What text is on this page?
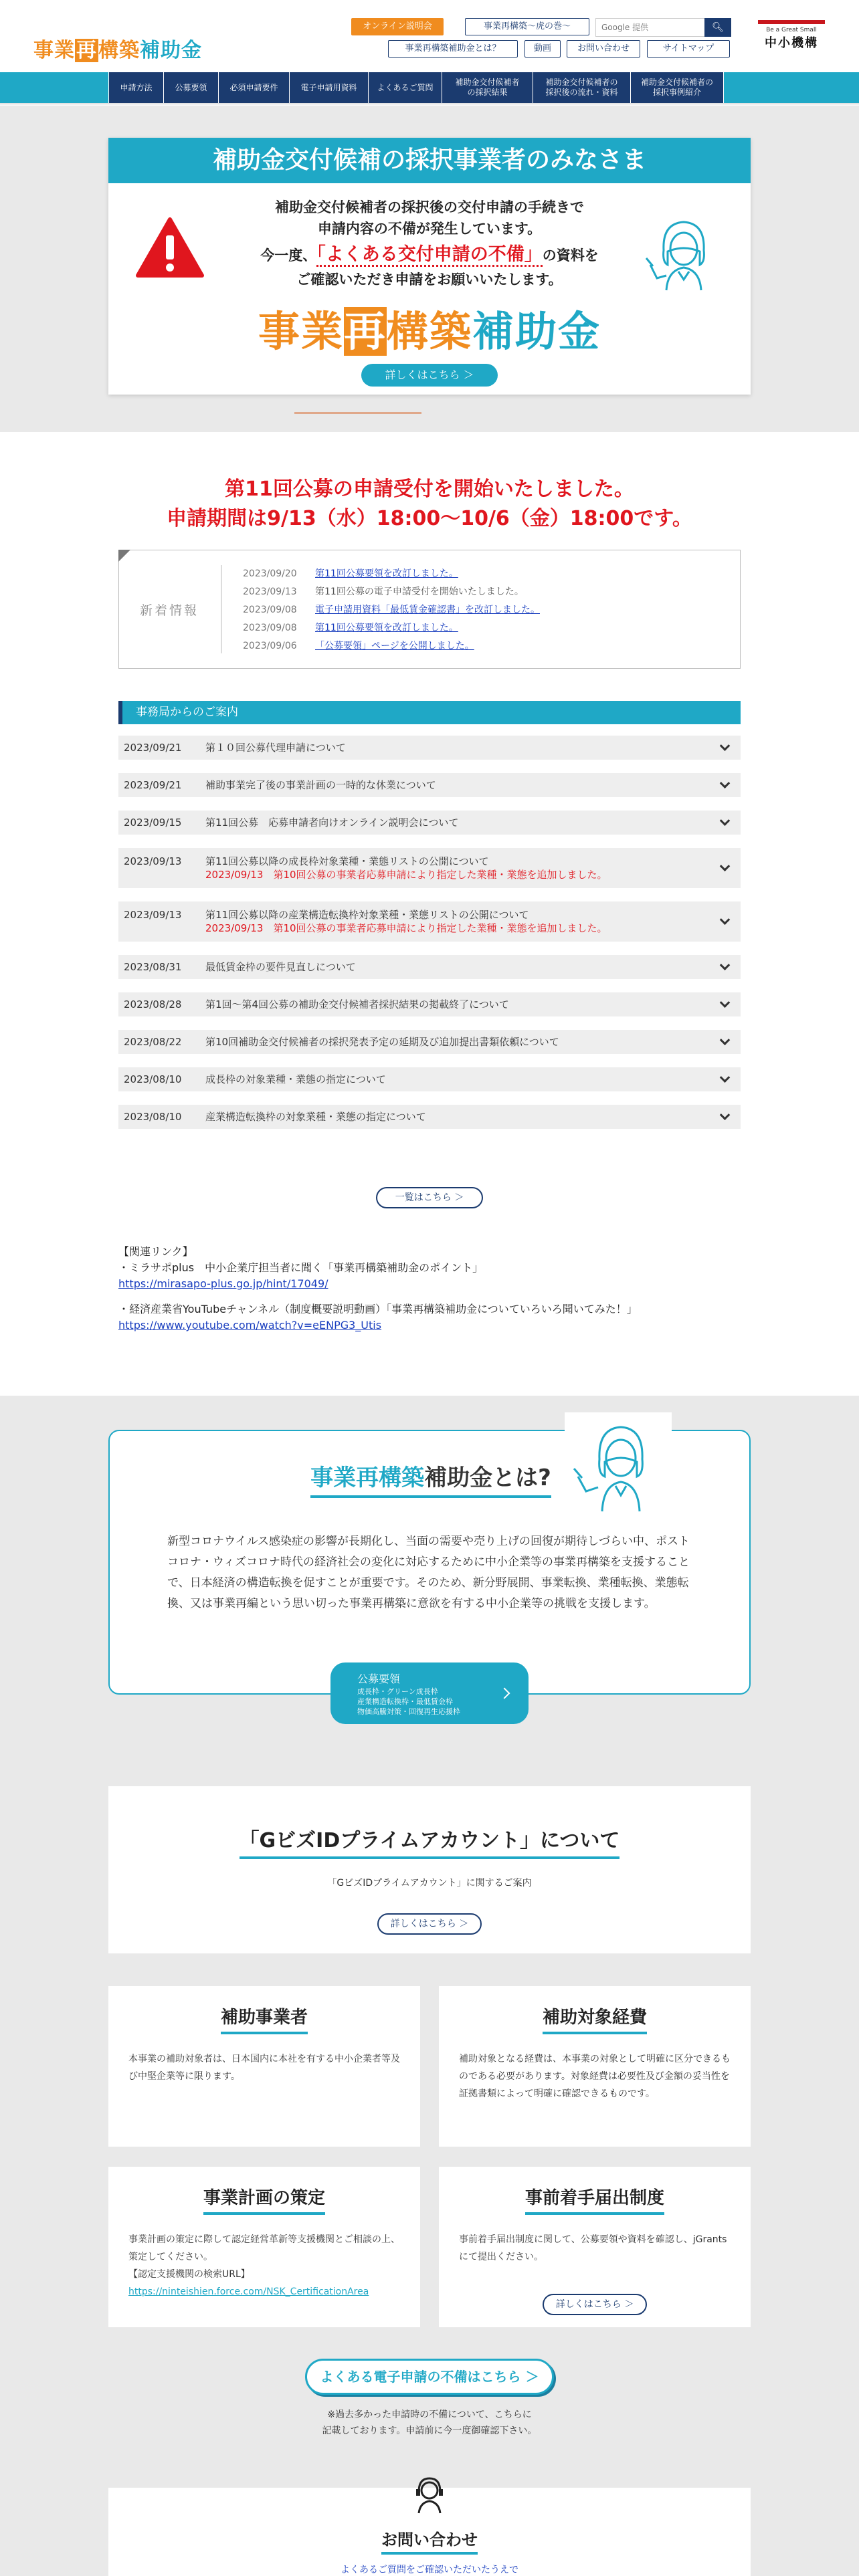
事業再構築補助金
オンライン説明会	事業再構築〜虎の巻〜
事業再構築補助金とは？	動画	お問い合わせ	サイトマップ
Google 提供
🔍︎	Be a Great Small
中小機構
申請方法	公募要領	必須申請要件	電子申請用資料	よくあるご質問
補助金交付候補者
の採択結果
補助金交付候補者の
採択後の流れ・資料
補助金交付候補者の
採択事例紹介
補助金交付候補の採択事業者のみなさま
補助金交付候補者の採択後の交付申請の手続きで
申請内容の不備が発生しています。
今一度、「よくある交付申請の不備」の資料を
ご確認いただき申請をお願いいたします。
事業再構築補助金
詳しくはこちら ＞
第11回公募の申請受付を開始いたしました。
申請期間は9/13（水）18:00〜10/6（金）18:00です。
新着情報
2023/09/20 第11回公募要領を改訂しました。
2023/09/13 第11回公募の電子申請受付を開始いたしました。
2023/09/08 電子申請用資料「最低賃金確認書」を改訂しました。
2023/09/08 第11回公募要領を改訂しました。
2023/09/06 「公募要領」ページを公開しました。
事務局からのご案内
2023/09/21 第１０回公募代理申請について
2023/09/21 補助事業完了後の事業計画の一時的な休業について
2023/09/15 第11回公募　応募申請者向けオンライン説明会について
2023/09/13 第11回公募以降の成長枠対象業種・業態リストの公開について
2023/09/13　第10回公募の事業者応募申請により指定した業種・業態を追加しました。
2023/09/13 第11回公募以降の産業構造転換枠対象業種・業態リストの公開について
2023/09/13　第10回公募の事業者応募申請により指定した業種・業態を追加しました。
2023/08/31 最低賃金枠の要件見直しについて
2023/08/28 第1回〜第4回公募の補助金交付候補者採択結果の掲載終了について
2023/08/22 第10回補助金交付候補者の採択発表予定の延期及び追加提出書類依頼について
2023/08/10 成長枠の対象業種・業態の指定について
2023/08/10 産業構造転換枠の対象業種・業態の指定について
一覧はこちら ＞
【関連リンク】
・ミラサポplus　中小企業庁担当者に聞く「事業再構築補助金のポイント」
https://mirasapo-plus.go.jp/hint/17049/
・経済産業省YouTubeチャンネル（制度概要説明動画）「事業再構築補助金についていろいろ聞いてみた！」
https://www.youtube.com/watch?v=eENPG3_Utis
事業再構築補助金とは?
新型コロナウイルス感染症の影響が長期化し、当面の需要や売り上げの回復が期待しづらい中、ポストコロナ・ウィズコロナ時代の経済社会の変化に対応するために中小企業等の事業再構築を支援することで、日本経済の構造転換を促すことが重要です。そのため、新分野展開、事業転換、業種転換、業態転換、又は事業再編という思い切った事業再構築に意欲を有する中小企業等の挑戦を支援します。
公募要領
成長枠・グリーン成長枠
産業構造転換枠・最低賃金枠
物価高騰対策・回復再生応援枠
「GビズIDプライムアカウント」について
「GビズIDプライムアカウント」に関するご案内
詳しくはこちら ＞
補助事業者
本事業の補助対象者は、日本国内に本社を有する中小企業者等及び中堅企業等に限ります。
補助対象経費
補助対象となる経費は、本事業の対象として明確に区分できるものである必要があります。対象経費は必要性及び金額の妥当性を証拠書類によって明確に確認できるものです。
事業計画の策定
事業計画の策定に際して認定経営革新等支援機関とご相談の上、策定してください。
【認定支援機関の検索URL】
https://ninteishien.force.com/NSK_CertificationArea
事前着手届出制度
事前着手届出制度に関して、公募要領や資料を確認し、jGrantsにて提出ください。
詳しくはこちら ＞
よくある電子申請の不備はこちら ＞
※過去多かった申請時の不備について、こちらに
記載しております。申請前に今一度御確認下さい。
お問い合わせ
よくあるご質問をご確認いただいたうえで
